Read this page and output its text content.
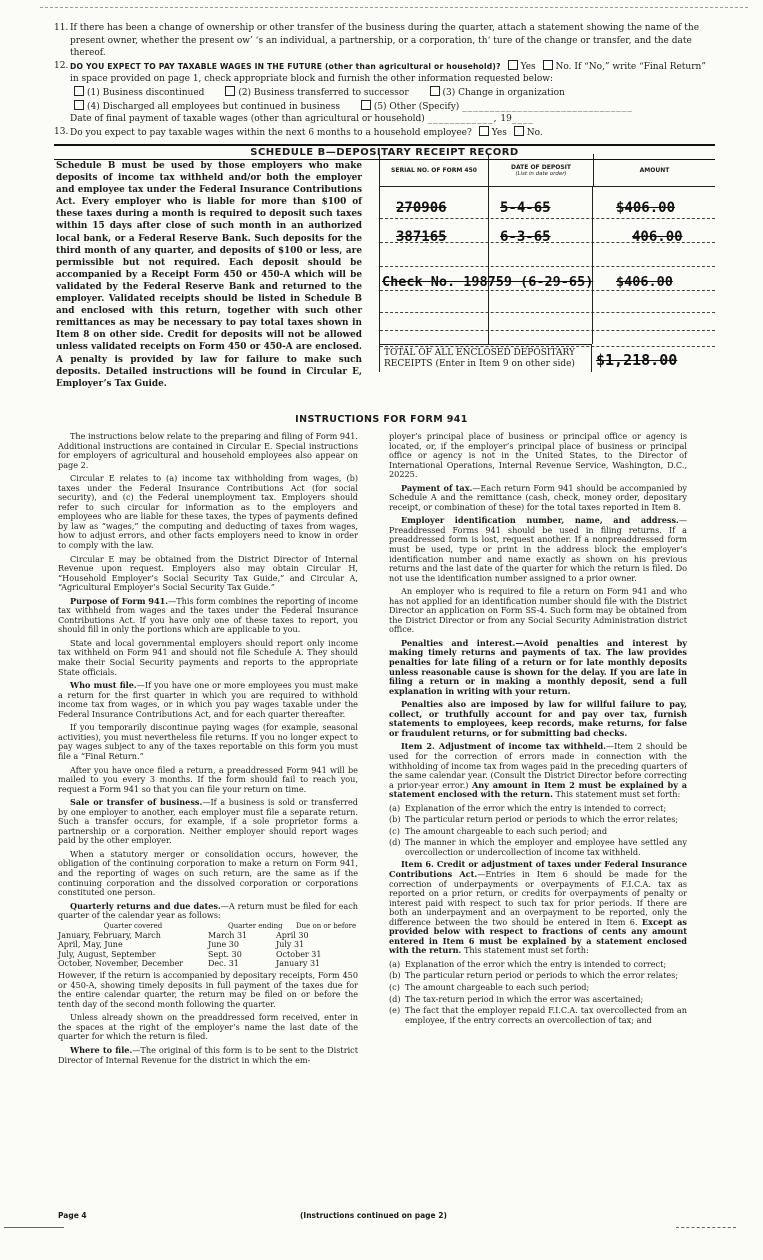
11. If there has been a change of ownership or other transfer of the business during the quarter, attach a statement showing the name of the present owner, whether the present ow’ ‘s an individual, a partnership, or a corporation, th‘ ture of the change or transfer, and the date thereof.
12. DO YOU EXPECT TO PAY TAXABLE WAGES IN THE FUTURE (other than agricultural or household)? Yes No. If “No,” write “Final Return” in space provided on page 1, check appropriate block and furnish the other information requested below:
(1) Business discontinued	(2) Business transferred to successor	(3) Change in organization
(4) Discharged all employees but continued in business	(5) Other (Specify) _______________________________
Date of final payment of taxable wages (other than agricultural or household) ____________, 19____
13. Do you expect to pay taxable wages within the next 6 months to a household employee? Yes No.
SCHEDULE B—DEPOSITARY RECEIPT RECORD
Schedule B must be used by those employers who make deposits of income tax withheld and/or both the employer and employee tax under the Federal Insurance Contributions Act. Every employer who is liable for more than $100 of these taxes during a month is required to deposit such taxes within 15 days after close of such month in an authorized local bank, or a Federal Reserve Bank. Such deposits for the third month of any quarter, and deposits of $100 or less, are permissible but not required. Each deposit should be accompanied by a Receipt Form 450 or 450-A which will be validated by the Federal Reserve Bank and returned to the employer. Validated receipts should be listed in Schedule B and enclosed with this return, together with such other remittances as may be necessary to pay total taxes shown in Item 8 on other side. Credit for deposits will not be allowed unless validated receipts on Form 450 or 450-A are enclosed. A penalty is provided by law for failure to make such deposits. Detailed instructions will be found in Circular E, Employer’s Tax Guide.
SERIAL NO. OF FORM 450	DATE OF DEPOSIT
(List in date order)	AMOUNT
270906	5-4-65	$406.00
387165	6-3-65	406.00
Check No. 198759 (6-29-65) $406.00
TOTAL OF ALL ENCLOSED DEPOSITARY RECEIPTS (Enter in Item 9 on other side)	$1,218.00
INSTRUCTIONS FOR FORM 941

The instructions below relate to the preparing and filing of Form 941. Additional instructions are contained in Circular E. Special instructions for employers of agricultural and household employees also appear on page 2.

Circular E relates to (a) income tax withholding from wages, (b) taxes under the Federal Insurance Contributions Act (for social security), and (c) the Federal unemployment tax. Employers should refer to such circular for information as to the employers and employees who are liable for these taxes, the types of payments defined by law as “wages,” the computing and deducting of taxes from wages, how to adjust errors, and other facts employers need to know in order to comply with the law.

Circular E may be obtained from the District Director of Internal Revenue upon request. Employers also may obtain Circular H, “Household Employer’s Social Security Tax Guide,” and Circular A, “Agricultural Employer’s Social Security Tax Guide.”

Purpose of Form 941.—This form combines the reporting of income tax withheld from wages and the taxes under the Federal Insurance Contributions Act. If you have only one of these taxes to report, you should fill in only the portions which are applicable to you.

State and local governmental employers should report only income tax withheld on Form 941 and should not file Schedule A. They should make their Social Security payments and reports to the appropriate State officials.

Who must file.—If you have one or more employees you must make a return for the first quarter in which you are required to withhold income tax from wages, or in which you pay wages taxable under the Federal Insurance Contributions Act, and for each quarter thereafter.

If you temporarily discontinue paying wages (for example, seasonal activities), you must nevertheless file returns. If you no longer expect to pay wages subject to any of the taxes reportable on this form you must file a “Final Return.”

After you have once filed a return, a preaddressed Form 941 will be mailed to you every 3 months. If the form should fail to reach you, request a Form 941 so that you can file your return on time.

Sale or transfer of business.—If a business is sold or transferred by one employer to another, each employer must file a separate return. Such a transfer occurs, for example, if a sole proprietor forms a partnership or a corporation. Neither employer should report wages paid by the other employer.

When a statutory merger or consolidation occurs, however, the obligation of the continuing corporation to make a return on Form 941, and the reporting of wages on such return, are the same as if the continuing corporation and the dissolved corporation or corporations constituted one person.

Quarterly returns and due dates.—A return must be filed for each quarter of the calendar year as follows:

Quarter covered	Quarter ending	Due on or before
January, February, March	March 31	April 30
April, May, June	June 30	July 31
July, August, September	Sept. 30	October 31
October, November, December	Dec. 31	January 31

However, if the return is accompanied by depositary receipts, Form 450 or 450-A, showing timely deposits in full payment of the taxes due for the entire calendar quarter, the return may be filed on or before the tenth day of the second month following the quarter.

Unless already shown on the preaddressed form received, enter in the spaces at the right of the employer’s name the last date of the quarter for which the return is filed.

Where to file.—The original of this form is to be sent to the District Director of Internal Revenue for the district in which the em-

ployer’s principal place of business or principal office or agency is located, or, if the employer’s principal place of business or principal office or agency is not in the United States, to the Director of International Operations, Internal Revenue Service, Washington, D.C., 20225.

Payment of tax.—Each return Form 941 should be accompanied by Schedule A and the remittance (cash, check, money order, depositary receipt, or combination of these) for the total taxes reported in Item 8.

Employer identification number, name, and address.—Preaddressed Forms 941 should be used in filing returns. If a preaddressed form is lost, request another. If a nonpreaddressed form must be used, type or print in the address block the employer’s identification number and name exactly as shown on his previous returns and the last date of the quarter for which the return is filed. Do not use the identification number assigned to a prior owner.

An employer who is required to file a return on Form 941 and who has not applied for an identification number should file with the District Director an application on Form SS-4. Such form may be obtained from the District Director or from any Social Security Administration district office.

Penalties and interest.—Avoid penalties and interest by making timely returns and payments of tax. The law provides penalties for late filing of a return or for late monthly deposits unless reasonable cause is shown for the delay. If you are late in filing a return or in making a monthly deposit, send a full explanation in writing with your return.

Penalties also are imposed by law for willful failure to pay, collect, or truthfully account for and pay over tax, furnish statements to employees, keep records, make returns, for false or fraudulent returns, or for submitting bad checks.

Item 2. Adjustment of income tax withheld.—Item 2 should be used for the correction of errors made in connection with the withholding of income tax from wages paid in the preceding quarters of the same calendar year. (Consult the District Director before correcting a prior-year error.) Any amount in Item 2 must be explained by a statement enclosed with the return. This statement must set forth:

(a) Explanation of the error which the entry is intended to correct;
(b) The particular return period or periods to which the error relates;
(c) The amount chargeable to each such period; and
(d) The manner in which the employer and employee have settled any overcollection or undercollection of income tax withheld.

Item 6. Credit or adjustment of taxes under Federal Insurance Contributions Act.—Entries in Item 6 should be made for the correction of underpayments or overpayments of F.I.C.A. tax as reported on a prior return, or credits for overpayments of penalty or interest paid with respect to such tax for prior periods. If there are both an underpayment and an overpayment to be reported, only the difference between the two should be entered in Item 6. Except as provided below with respect to fractions of cents any amount entered in Item 6 must be explained by a statement enclosed with the return. This statement must set forth:

(a) Explanation of the error which the entry is intended to correct;
(b) The particular return period or periods to which the error relates;
(c) The amount chargeable to each such period;
(d) The tax-return period in which the error was ascertained;
(e) The fact that the employer repaid F.I.C.A. tax overcollected from an employee, if the entry corrects an overcollection of tax; and
Page 4	(Instructions continued on page 2)
